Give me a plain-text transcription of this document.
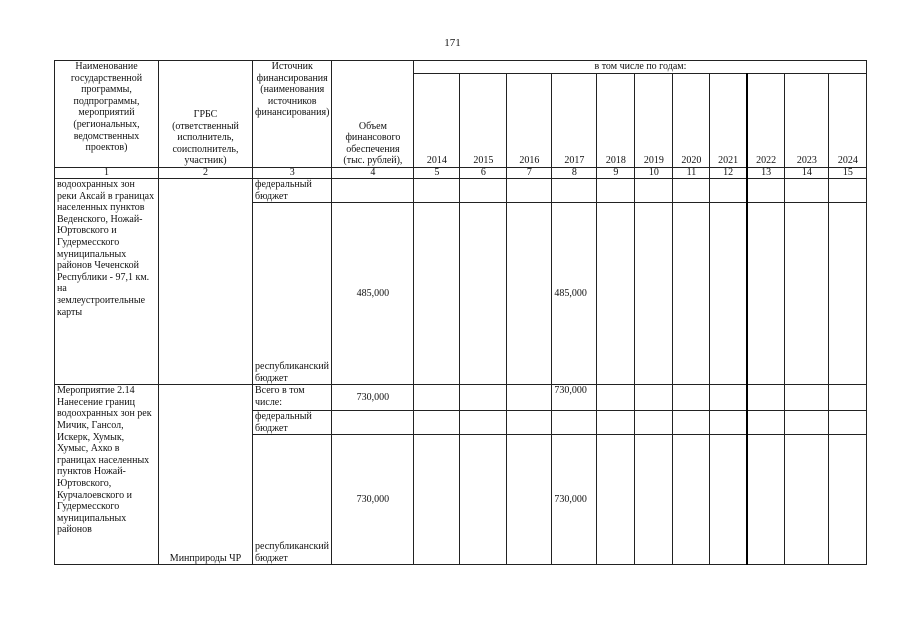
171
Наименование государственной программы, подпрограммы, мероприятий (региональных, ведомственных проектов)	ГРБС (ответственный исполнитель, соисполнитель, участник)	Источник финансирования (наименования источников финансирования)	Объем финансового обеспечения (тыс. рублей),	в том числе по годам:										
				2014	2015	2016	2017	2018	2019	2020	2021	2022	2023	2024
1	2	3	4	5	6	7	8	9	10	11	12	13	14	15
водоохранных зон реки Аксай в границах населенных пунктов Веденского, Ножай-Юртовского и Гудермесского муниципальных районов Чеченской Республики - 97,1 км. на землеустроительные карты		федеральный бюджет												
		республиканский бюджет	485,000				485,000							
Мероприятие 2.14 Нанесение границ водоохранных зон рек Мичик, Гансол, Искерк, Хумык, Хумыс, Ахко в границах населенных пунктов Ножай-Юртовского, Курчалоевского и Гудермесского муниципальных районов	Минприроды ЧР	Всего в том числе:	730,000				730,000							
		федеральный бюджет												
		республиканский бюджет	730,000				730,000							
